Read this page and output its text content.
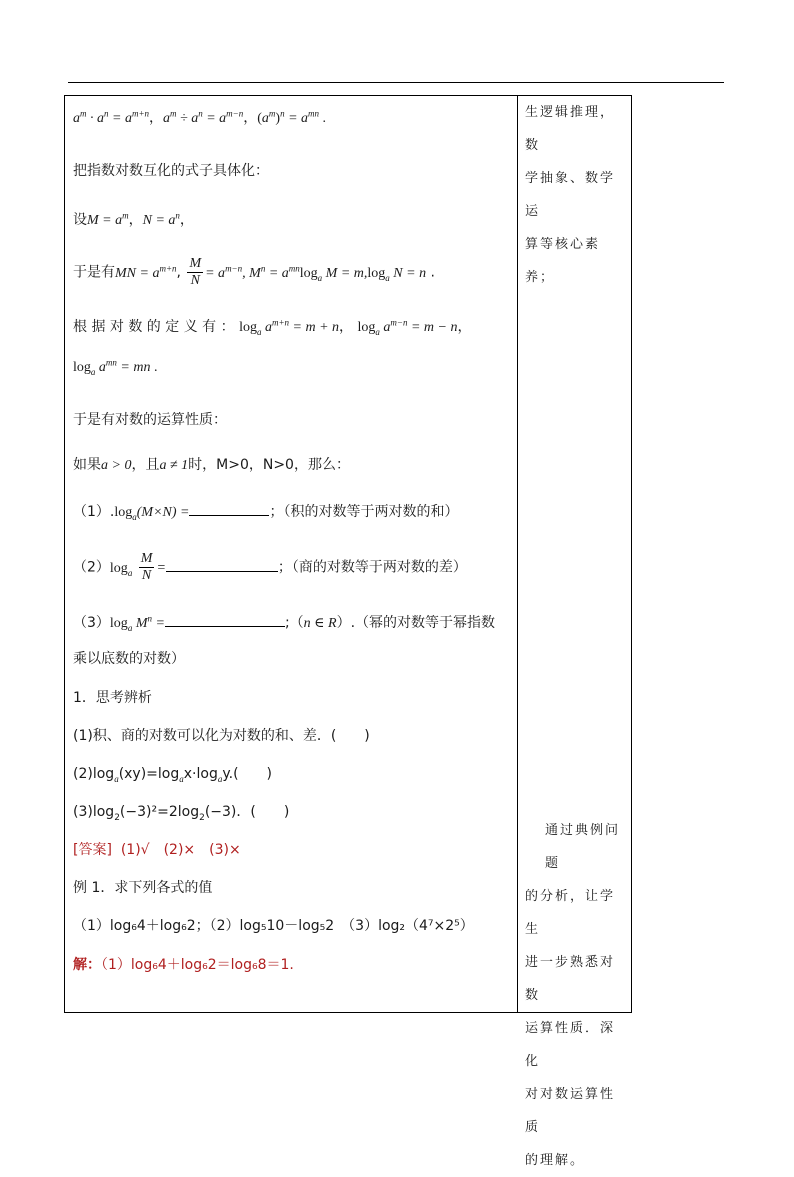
$a^m \cdot a^n = a^{m+n}$，$a^m \div a^n = a^{m-n}$，$(a^m)^n = a^{mn}$ .
把指数对数互化的式子具体化：
设$M = a^m$，$N = a^n$，
于是有MN = $a^{m+n}$, $\frac{M}{N} = a^{m-n}$, $M^n = a^{mn}\log_a$ $M = m,\log_a$ N = n .
根 据 对 数 的 定 义 有 ： $\log_a a^{m+n} = m + n$， $\log_a a^{m-n} = m - n$，
$\log_a a^{mn}$ = mn .
于是有对数的运算性质：
如果a > 0，且a ≠ 1时，M>0，N>0，那么：
$(1).\log_a(M\times N)$ =	；（积的对数等于两对数的和）
$(2)\log_a \frac{M}{N}$ =	；（商的对数等于两对数的差）
$(3)\log_a$ $M^n$ =	;（n ∈ R）.（幂的对数等于幂指数
乘以底数的对数）
1．思考辨析
(1)积、商的对数可以化为对数的和、差．(　　)
$(2)\log_a(xy)=\log_ax\cdot\log_ay$.(　　)
$(3)\log_2(-3)^2=2\log_2(-3)$．(　　)
[答案] (1)√　(2)×　(3)×
例 1．求下列各式的值
（1）log₆4＋log₆2；（2）log₅10－log₅2　（3）log₂（4⁷×2⁵）
解：（1）log₆4＋log₆2＝log₆8＝1.
生逻辑推理，数
学抽象、数学运
算等核心素养；
通过典例问题
的分析，让学生
进一步熟悉对数
运算性质．深化
对对数运算性质
的理解。
